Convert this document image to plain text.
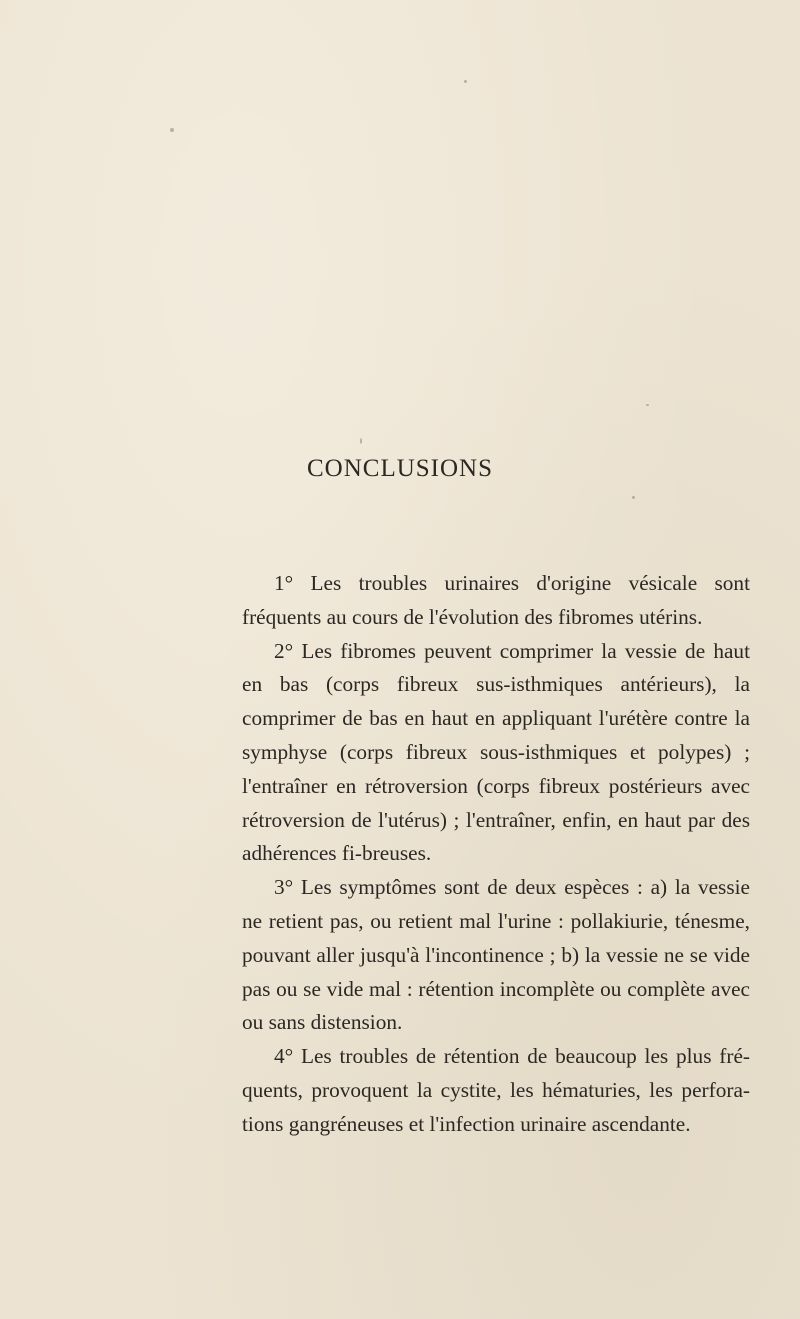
CONCLUSIONS

1° Les troubles urinaires d'origine vésicale sont fréquents au cours de l'évolution des fibromes utérins.

2° Les fibromes peuvent comprimer la vessie de haut en bas (corps fibreux sus-isthmiques antérieurs), la comprimer de bas en haut en appliquant l'urétère contre la symphyse (corps fibreux sous-isthmiques et polypes) ; l'entraîner en rétroversion (corps fibreux postérieurs avec rétroversion de l'utérus) ; l'entraîner, enfin, en haut par des adhérences fi-breuses.

3° Les symptômes sont de deux espèces : a) la vessie ne retient pas, ou retient mal l'urine : pollakiurie, ténesme, pouvant aller jusqu'à l'incontinence ; b) la vessie ne se vide pas ou se vide mal : rétention incomplète ou complète avec ou sans distension.

4° Les troubles de rétention de beaucoup les plus fré-quents, provoquent la cystite, les hématuries, les perfora-tions gangréneuses et l'infection urinaire ascendante.
